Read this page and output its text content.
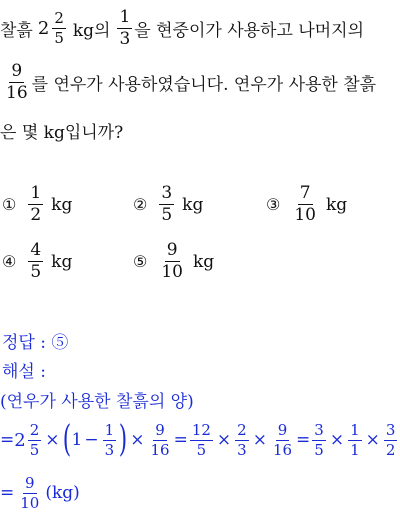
찰흙 $2 \frac{2}{5}$ kg의 $\frac{1}{3}$ 을 현중이가 사용하고 나머지의
$\frac{9}{16}$ 를 연우가 사용하였습니다. 연우가 사용한 찰흙
은 몇 kg입니까?
① $\frac{1}{2}$ kg	② $\frac{3}{5}$ kg	③ $\frac{7}{10}$ kg
④ $\frac{4}{5}$ kg	⑤ $\frac{9}{10}$ kg
정답 : ⑤
해설 :
(연우가 사용한 찰흙의 양)
= $2 \frac{2}{5}$ × ( $1 - \frac{1}{3}$ ) × $\frac{9}{16} = \frac{12}{5} \times \frac{2}{3} \times \frac{9}{16} = \frac{3}{5} \times \frac{1}{1} \times \frac{3}{2}$
= $\frac{9}{10} (kg)$
